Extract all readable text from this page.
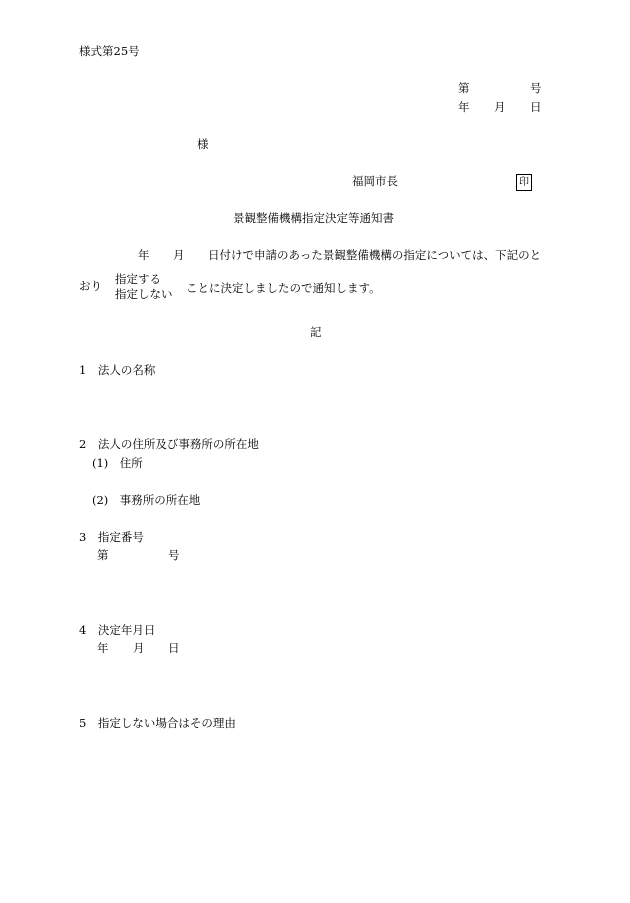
様式第25号
第	号
年 月 日
様
福岡市長	印
景観整備機構指定決定等通知書
年 月 日付けで申請のあった景観整備機構の指定については、下記のと
おり 指定する
指定しない ことに決定しましたので通知します。
記
1　法人の名称
2　法人の住所及び事務所の所在地
(1)　住所
(2)　事務所の所在地
3　指定番号
第	号
4　決定年月日
年 月 日
5　指定しない場合はその理由
